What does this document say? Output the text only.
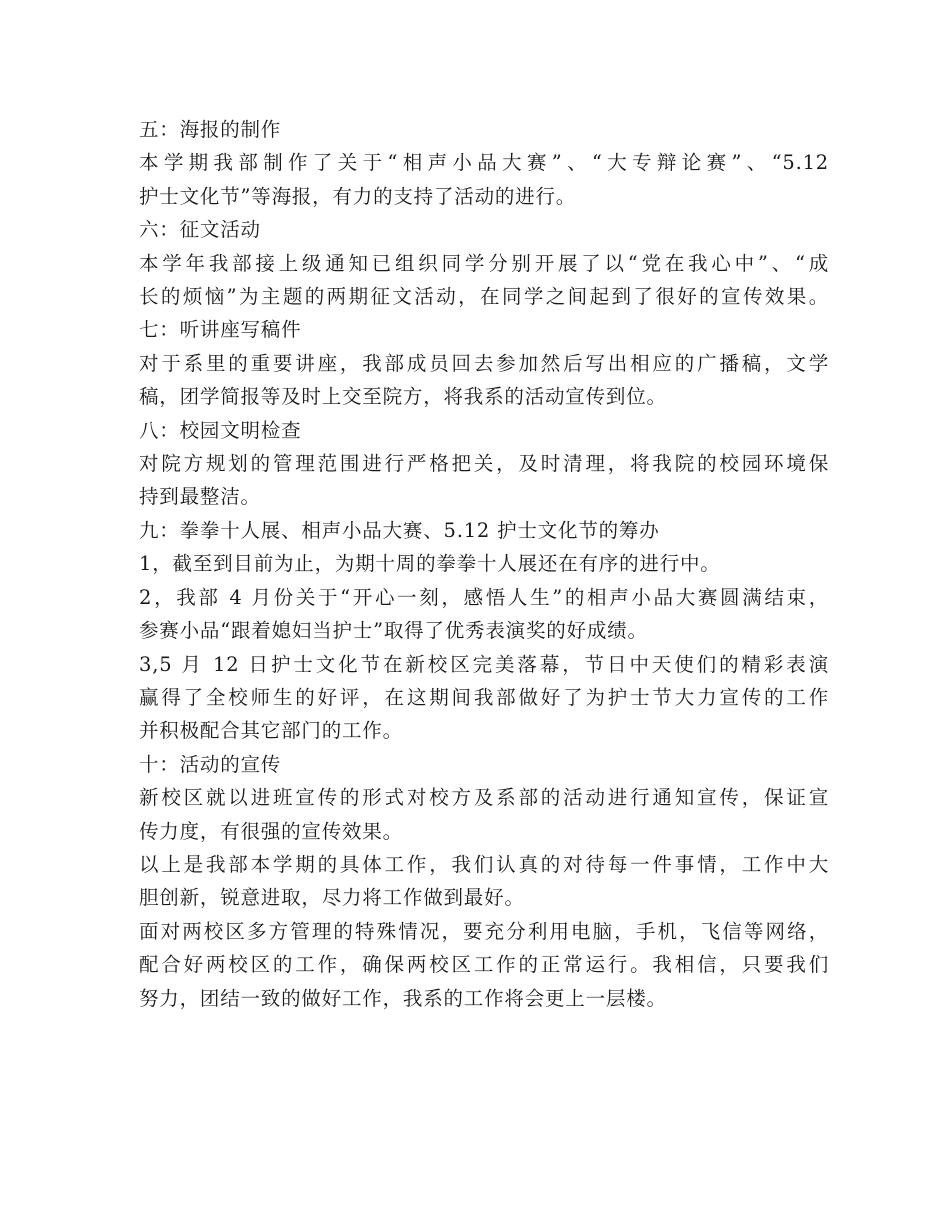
五：海报的制作
本学期我部制作了关于“相声小品大赛”、“大专辩论赛”、“5.12
护士文化节”等海报，有力的支持了活动的进行。
六：征文活动
本学年我部接上级通知已组织同学分别开展了以“党在我心中”、“成
长的烦恼”为主题的两期征文活动，在同学之间起到了很好的宣传效果。
七：听讲座写稿件
对于系里的重要讲座，我部成员回去参加然后写出相应的广播稿，文学
稿，团学简报等及时上交至院方，将我系的活动宣传到位。
八：校园文明检查
对院方规划的管理范围进行严格把关，及时清理，将我院的校园环境保
持到最整洁。
九：拳拳十人展、相声小品大赛、5.12 护士文化节的筹办
1，截至到目前为止，为期十周的拳拳十人展还在有序的进行中。
2，我部 4 月份关于“开心一刻，感悟人生”的相声小品大赛圆满结束，
参赛小品“跟着媳妇当护士”取得了优秀表演奖的好成绩。
3,5 月 12 日护士文化节在新校区完美落幕，节日中天使们的精彩表演
赢得了全校师生的好评，在这期间我部做好了为护士节大力宣传的工作
并积极配合其它部门的工作。
十：活动的宣传
新校区就以进班宣传的形式对校方及系部的活动进行通知宣传，保证宣
传力度，有很强的宣传效果。
以上是我部本学期的具体工作，我们认真的对待每一件事情，工作中大
胆创新，锐意进取，尽力将工作做到最好。
面对两校区多方管理的特殊情况，要充分利用电脑，手机，飞信等网络，
配合好两校区的工作，确保两校区工作的正常运行。我相信，只要我们
努力，团结一致的做好工作，我系的工作将会更上一层楼。
